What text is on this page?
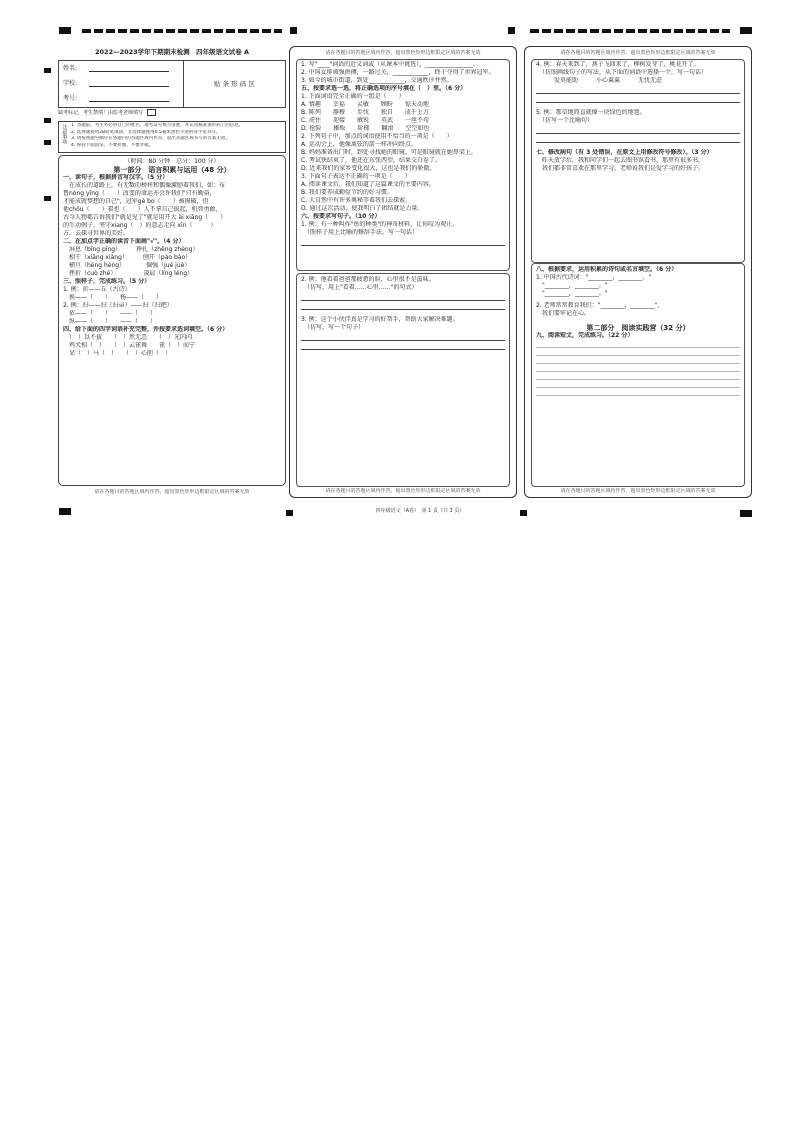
2022—2023学年下期期末检测　四年级语文试卷 A
姓名:
学校:
考号:
贴 条 形 码 区
缺考标记，考生禁填！由监考老师填写
注意事项 1. 答题前，考生务必将自己的姓名、准考证号填写清楚，并认真核准条形码上的信息。
2. 选择题使用2B铅笔填涂，非选择题使用0.5毫米黑色字迹的签字笔书写。
3. 请按照题号顺序在各题目的答题区域内作答，超出答题区域书写的答案无效。
4. 保持卡面清洁，不要折叠、不要弄破。
（时间：80 分钟　总分：100 分）
第一部分　语言积累与运用（48 分）
一、读句子，根据拼音写汉字。（5 分）
　在成长的道路上，有无数的榜样和偶像激励着我们，如：布
鲁nóng yīng（　　）改变的命运亦会许我们"只有勤奋，
才能成就梦想的自己"，冠军gè bo（　　）被摸破，但
他chōu（　　）着也（　　）人不拿自己拔起，机智勇敢，
古今人物都告诉我们"就是见了"就是用开大 ài xiāng（　　）
的生动例子，坚守xiang（　）的意志走向 xīn（　　　）
方，去探寻世界的美好。
二、在加点字正确的读音下面画"√"。（4 分）
　屏息（bǐng pīng）　　　挣扎（zhēng zhèng）
　相干（xiāng xiàng）　　　刨开（páo bào）
　横亘（héng hèng）　　　　倔强（jué juè）
　挫折（cuò zhé）　　　　　凌晨（líng léng）
三、照样子，完成练习。（5 分）
1. 例：折——丘（古诗）
　换——（　　）　　杨——（　　）
2. 例：扫——扫（扫帚）——扫（扫把）
　依——（　　）　　——（　　）
　纵——（　　）　　——（　　）
四、给下面的四字词语补充完整，并按要求选词填空。（6 分）
　（　）以不拔　　（　）然无恙　　（　）光闪闪
　鸡犬相（　）　　（　）云雀舞　　雀（　）而宁
　呆（　）马（　）　　（　）心胆（　）
请在各题目的答题区域内作答，超出黑色矩形边框限定区域的答案无效
请在各题目的答题区域内作答，超出黑色矩形边框限定区域的答案无效
1. 写"____"词语的近义词或（从课本中挑选），________________。
2. 中国女排顽强拼搏，一路过关，____________，终于夺得了世界冠军。
3. 如今的城市街道，到处____________，交通秩序井然。
五、按要求选一选，将正确选项的序号填在（　）里。（6 分）
1. 下面词语完全正确的一组是（　　）
A. 情趣　　幸福　　灵敏　　顾盼　　惊天动地
B. 陈列　　静穆　　步伐　　独自　　成千上万
C. 虎往　　迎接　　敏锐　　英武　　一丝不苟
D. 抢险　　摊贩　　阶梯　　翻滚　　空空如也
2. 下列句子中，加点的词语使用不恰当的一项是（　　）
A. 运动会上，他像离弦的箭一样冲向终点。
B. 妈妈准备出门时，到处寻找她的眼镜，可是眼镜就在她鼻梁上。
C. 考试快结束了，他还在东张西望，结果交白卷了。
D. 近来我们的家乡变化很大，这也是我们的骄傲。
3. 下面句子表达不正确的一项是（　　）
A. 阅读课文后，我们知道了这篇课文的主要内容。
B. 我们要养成勤俭节约的好习惯。
C. 大自然中有许多奥秘等着我们去探索。
D. 通过这次活动，使我明白了团结就是力量。
六、按要求写句子。（10 分）
1. 例：有一种叫作"鱼的种类"的神奇材料，让你叹为观止。
　（照样子用上比喻的修辞手法，写一句话）
2. 例：他看着爸爸那疲惫的脸，心里很不是滋味。
　（仿写，用上"看着……心里……"的句式）
3. 例：这个小伙伴真是学习的好帮手，帮助大家解决难题。
　（仿写，写一个句子）
请在各题目的答题区域内作答，超出黑色矩形边框限定区域的答案无效
请在各题目的答题区域内作答，超出黑色矩形边框限定区域的答案无效
4. 例：春天来到了，燕子飞回来了，柳树发芽了，桃花开了。
　（仿照画线句子的写法，从下面的词语中选择一个，写一句话）
　　　爱莫能助　　　小心翼翼　　　无忧无虑
5. 例：那草地简直就像一块绿色的地毯。
　（仿写一个比喻句）
七、修改病句（有 3 处错误，在原文上用修改符号修改）。（3 分）
　昨天放学后，我和同学们一起去图书馆看书，那里有很多书，
　我们都非常喜欢在那里学习，老师说我们是爱学习的好孩子。
八、根据要求，运用积累的诗句或名言填空。（6 分）
1. 中国古代诗词："________，________。"
　"________，________。"
　"________，________。"
2. 老师常常教育我们："________，________"，
　我们要牢记在心。
第二部分　阅读实践营（32 分）
九、阅读短文，完成练习。（22 分）
请在各题目的答题区域内作答，超出黑色矩形边框限定区域的答案无效
四年级语文（A卷）　第 1 页（共 3 页）
